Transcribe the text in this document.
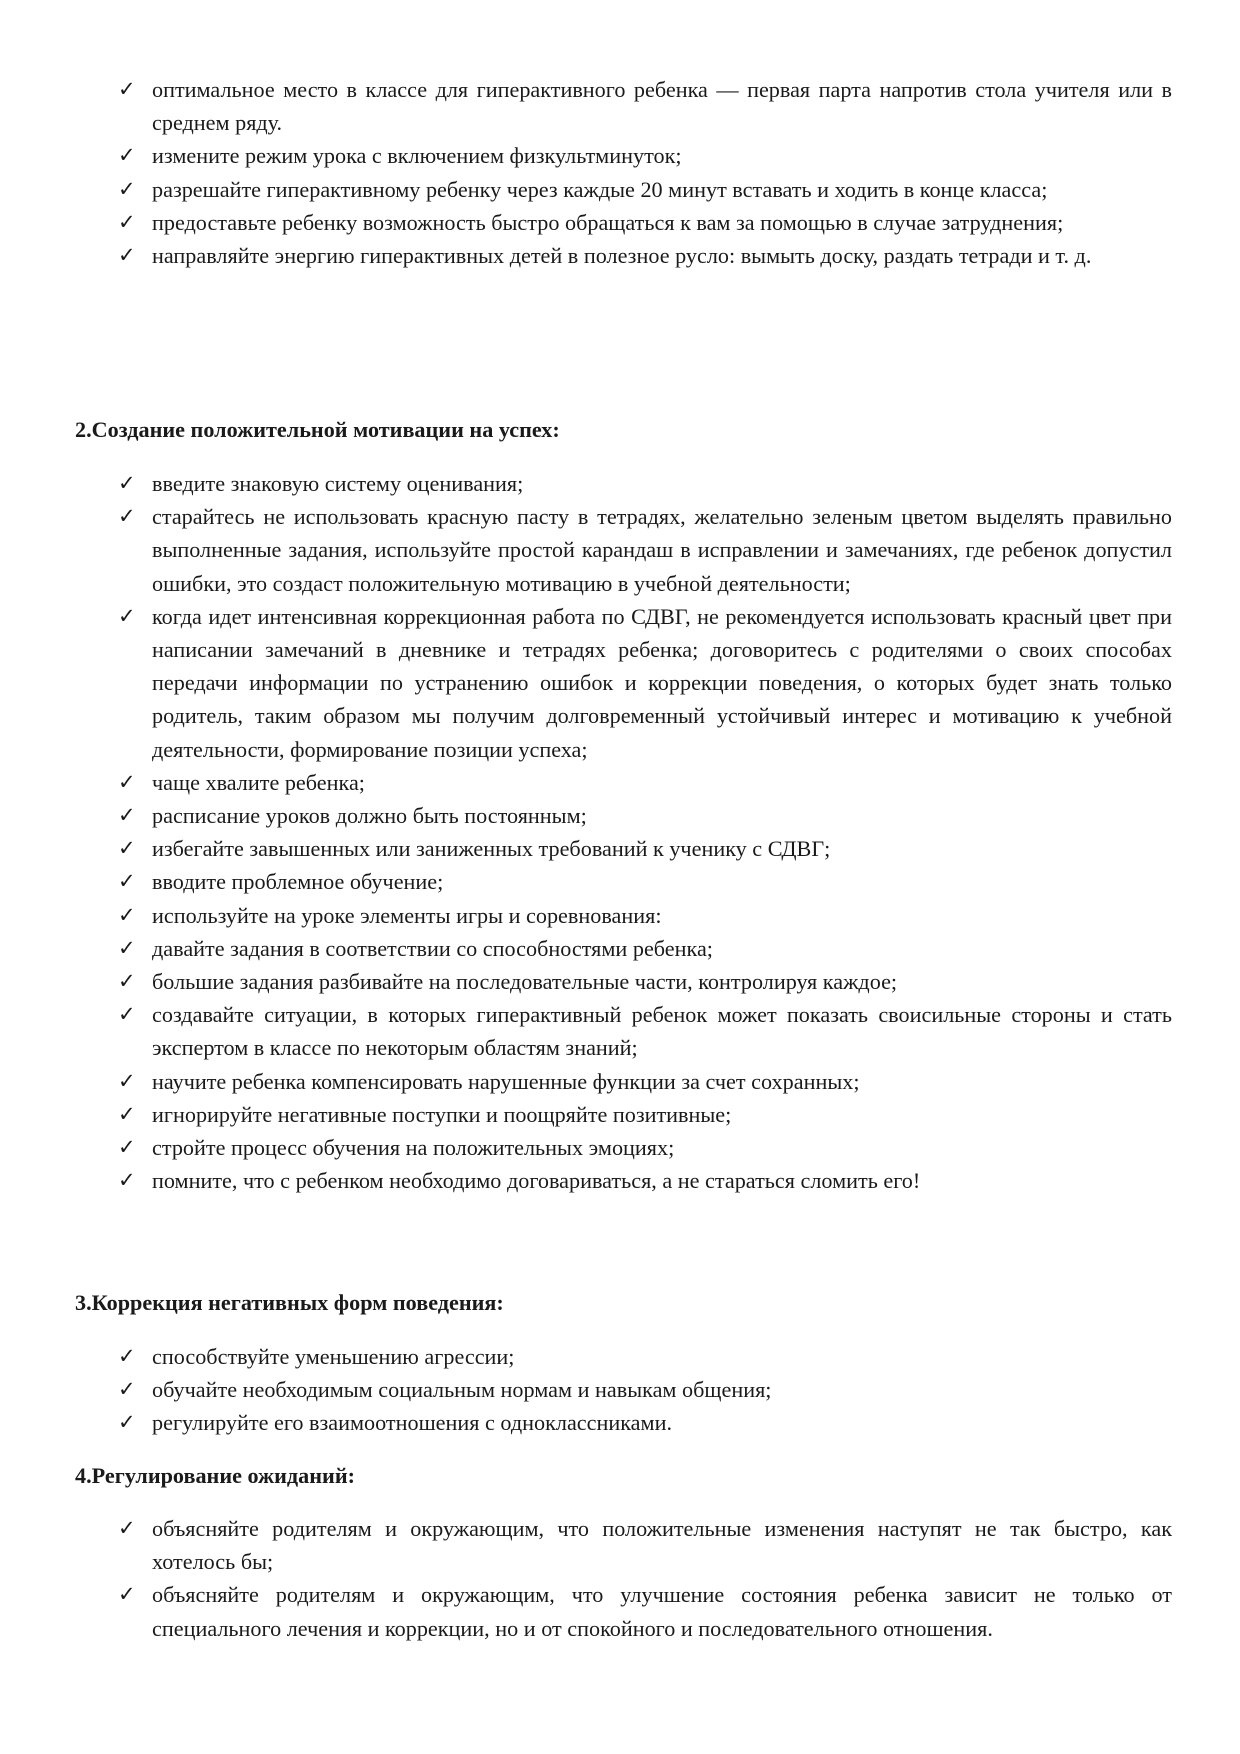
✓ оптимальное место в классе для гиперактивного ребенка — первая парта напротив стола учителя или в среднем ряду.
✓ измените режим урока с включением физкультминуток;
✓ разрешайте гиперактивному ребенку через каждые 20 минут вставать и ходить в конце класса;
✓ предоставьте ребенку возможность быстро обращаться к вам за помощью в случае затруднения;
✓ направляйте энергию гиперактивных детей в полезное русло: вымыть доску, раздать тетради и т. д.
2.Создание положительной мотивации на успех:
✓ введите знаковую систему оценивания;
✓ старайтесь не использовать красную пасту в тетрадях, желательно зеленым цветом выделять правильно выполненные задания, используйте простой карандаш в исправлении и замечаниях, где ребенок допустил ошибки, это создаст положительную мотивацию в учебной деятельности;
✓ когда идет интенсивная коррекционная работа по СДВГ, не рекомендуется использовать красный цвет при написании замечаний в дневнике и тетрадях ребенка; договоритесь с родителями о своих способах передачи информации по устранению ошибок и коррекции поведения, о которых будет знать только родитель, таким образом мы получим долговременный устойчивый интерес и мотивацию к учебной деятельности, формирование позиции успеха;
✓ чаще хвалите ребенка;
✓ расписание уроков должно быть постоянным;
✓ избегайте завышенных или заниженных требований к ученику с СДВГ;
✓ вводите проблемное обучение;
✓ используйте на уроке элементы игры и соревнования:
✓ давайте задания в соответствии со способностями ребенка;
✓ большие задания разбивайте на последовательные части, контролируя каждое;
✓ создавайте ситуации, в которых гиперактивный ребенок может показать своисильные стороны и стать экспертом в классе по некоторым областям знаний;
✓ научите ребенка компенсировать нарушенные функции за счет сохранных;
✓ игнорируйте негативные поступки и поощряйте позитивные;
✓ стройте процесс обучения на положительных эмоциях;
✓ помните, что с ребенком необходимо договариваться, а не стараться сломить его!
3.Коррекция негативных форм поведения:
✓ способствуйте уменьшению агрессии;
✓ обучайте необходимым социальным нормам и навыкам общения;
✓ регулируйте его взаимоотношения с одноклассниками.
4.Регулирование ожиданий:
✓ объясняйте родителям и окружающим, что положительные изменения наступят не так быстро, как хотелось бы;
✓ объясняйте родителям и окружающим, что улучшение состояния ребенка зависит не только от специального лечения и коррекции, но и от спокойного и последовательного отношения.
